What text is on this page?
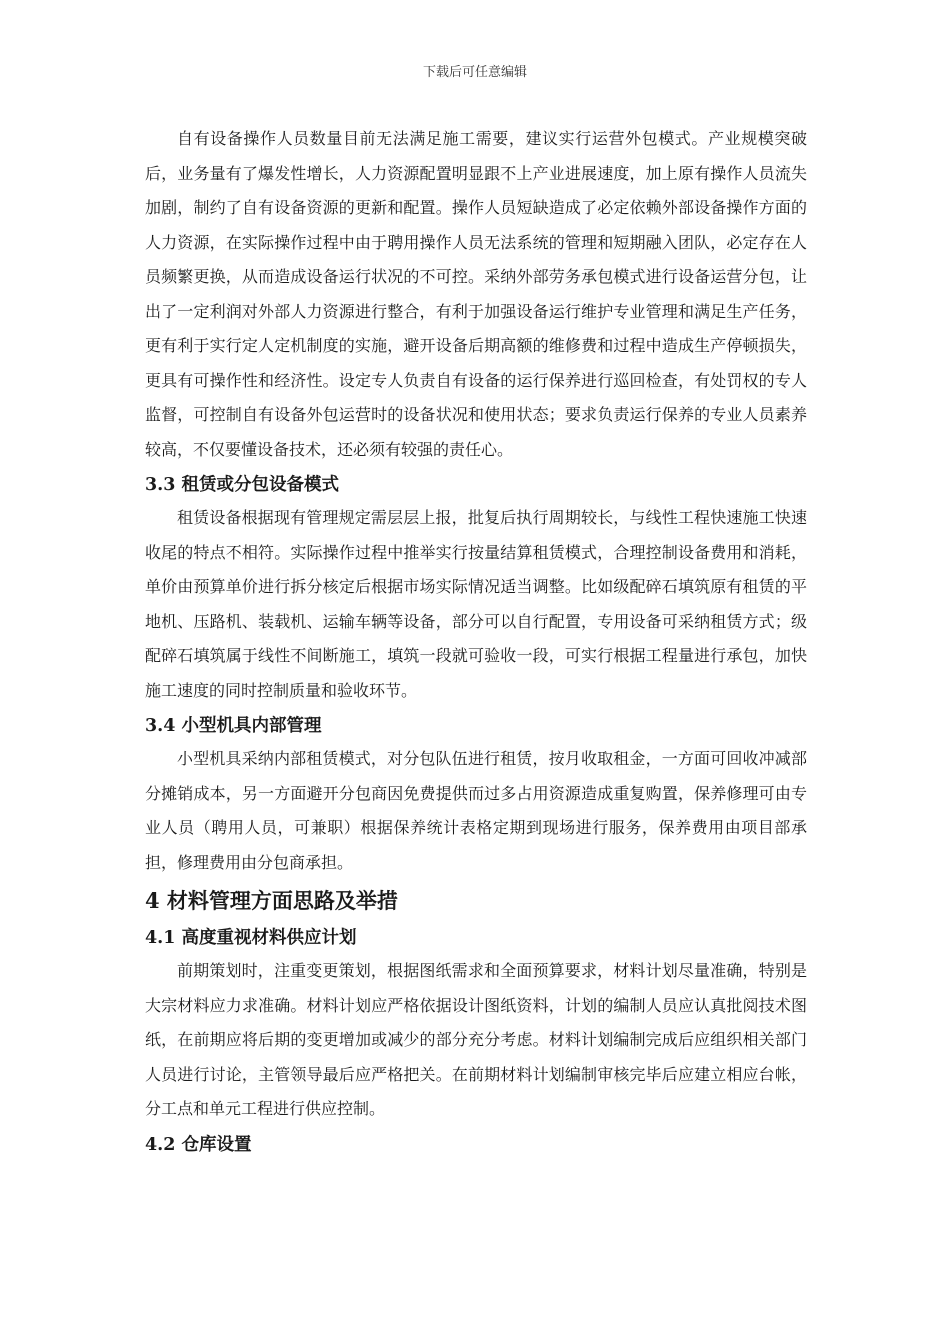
下载后可任意编辑

自有设备操作人员数量目前无法满足施工需要，建议实行运营外包模式。产业规模突破后，业务量有了爆发性增长，人力资源配置明显跟不上产业进展速度，加上原有操作人员流失加剧，制约了自有设备资源的更新和配置。操作人员短缺造成了必定依赖外部设备操作方面的人力资源，在实际操作过程中由于聘用操作人员无法系统的管理和短期融入团队，必定存在人员频繁更换，从而造成设备运行状况的不可控。采纳外部劳务承包模式进行设备运营分包，让出了一定利润对外部人力资源进行整合，有利于加强设备运行维护专业管理和满足生产任务，更有利于实行定人定机制度的实施，避开设备后期高额的维修费和过程中造成生产停顿损失，更具有可操作性和经济性。设定专人负责自有设备的运行保养进行巡回检查，有处罚权的专人监督，可控制自有设备外包运营时的设备状况和使用状态；要求负责运行保养的专业人员素养较高，不仅要懂设备技术，还必须有较强的责任心。

3.3 租赁或分包设备模式

租赁设备根据现有管理规定需层层上报，批复后执行周期较长，与线性工程快速施工快速收尾的特点不相符。实际操作过程中推举实行按量结算租赁模式，合理控制设备费用和消耗，单价由预算单价进行拆分核定后根据市场实际情况适当调整。比如级配碎石填筑原有租赁的平地机、压路机、装载机、运输车辆等设备，部分可以自行配置，专用设备可采纳租赁方式；级配碎石填筑属于线性不间断施工，填筑一段就可验收一段，可实行根据工程量进行承包，加快施工速度的同时控制质量和验收环节。

3.4 小型机具内部管理

小型机具采纳内部租赁模式，对分包队伍进行租赁，按月收取租金，一方面可回收冲减部分摊销成本，另一方面避开分包商因免费提供而过多占用资源造成重复购置，保养修理可由专业人员（聘用人员，可兼职）根据保养统计表格定期到现场进行服务，保养费用由项目部承担，修理费用由分包商承担。

4 材料管理方面思路及举措
4.1 高度重视材料供应计划

前期策划时，注重变更策划，根据图纸需求和全面预算要求，材料计划尽量准确，特别是大宗材料应力求准确。材料计划应严格依据设计图纸资料，计划的编制人员应认真批阅技术图纸，在前期应将后期的变更增加或减少的部分充分考虑。材料计划编制完成后应组织相关部门人员进行讨论，主管领导最后应严格把关。在前期材料计划编制审核完毕后应建立相应台帐，分工点和单元工程进行供应控制。

4.2 仓库设置
